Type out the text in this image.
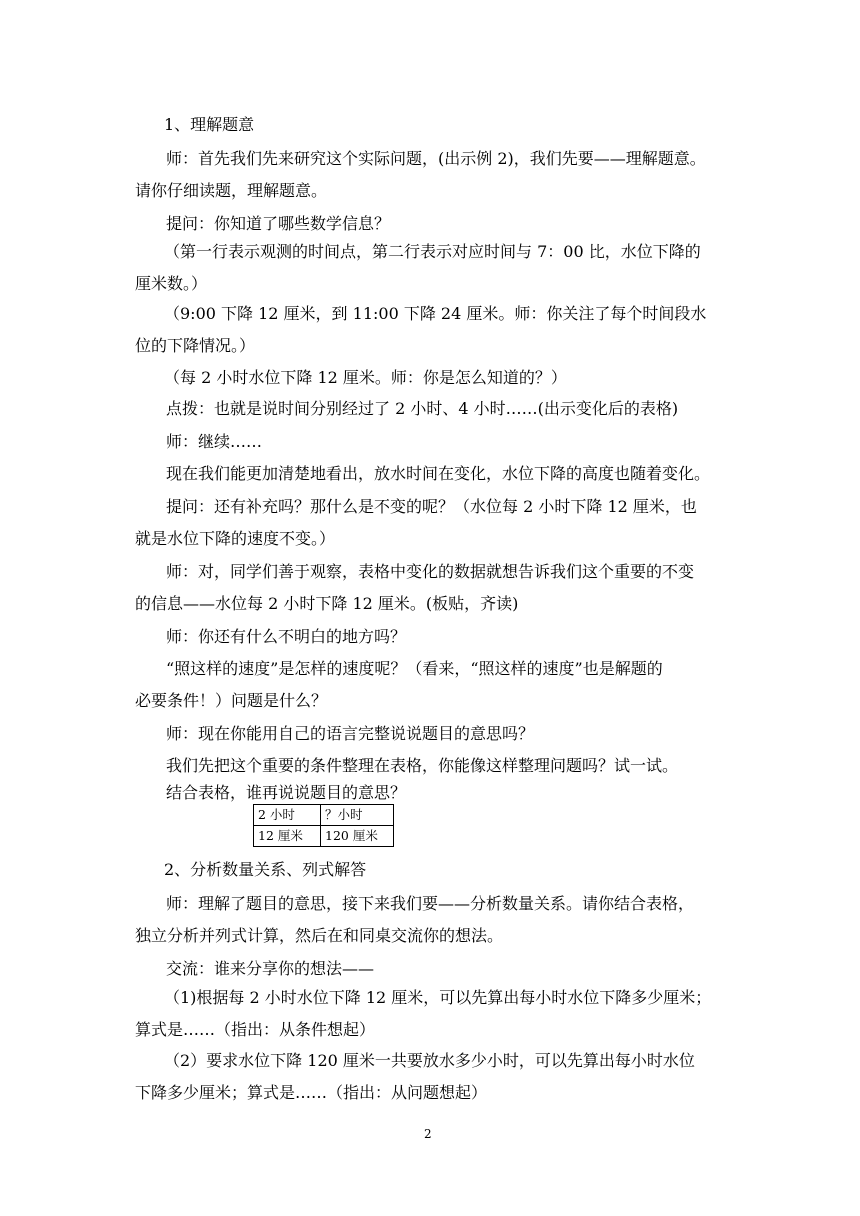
1、理解题意

师：首先我们先来研究这个实际问题，(出示例 2)，我们先要——理解题意。

请你仔细读题，理解题意。

提问：你知道了哪些数学信息？

（第一行表示观测的时间点，第二行表示对应时间与 7：00 比，水位下降的

厘米数。）

（9:00 下降 12 厘米，到 11:00 下降 24 厘米。师：你关注了每个时间段水

位的下降情况。）

（每 2 小时水位下降 12 厘米。师：你是怎么知道的？）

点拨：也就是说时间分别经过了 2 小时、4 小时……(出示变化后的表格)

师：继续……

现在我们能更加清楚地看出，放水时间在变化，水位下降的高度也随着变化。

提问：还有补充吗？那什么是不变的呢？（水位每 2 小时下降 12 厘米，也

就是水位下降的速度不变。）

师：对，同学们善于观察，表格中变化的数据就想告诉我们这个重要的不变

的信息——水位每 2 小时下降 12 厘米。(板贴，齐读)

师：你还有什么不明白的地方吗？

“照这样的速度”是怎样的速度呢？（看来，“照这样的速度”也是解题的

必要条件！）问题是什么？

师：现在你能用自己的语言完整说说题目的意思吗？

我们先把这个重要的条件整理在表格，你能像这样整理问题吗？试一试。

结合表格，谁再说说题目的意思？

2 小时	？小时
12 厘米	120 厘米

2、分析数量关系、列式解答

师：理解了题目的意思，接下来我们要——分析数量关系。请你结合表格，

独立分析并列式计算，然后在和同桌交流你的想法。

交流：谁来分享你的想法——

（1)根据每 2 小时水位下降 12 厘米，可以先算出每小时水位下降多少厘米；

算式是……（指出：从条件想起）

（2）要求水位下降 120 厘米一共要放水多少小时，可以先算出每小时水位

下降多少厘米；算式是……（指出：从问题想起）

2
